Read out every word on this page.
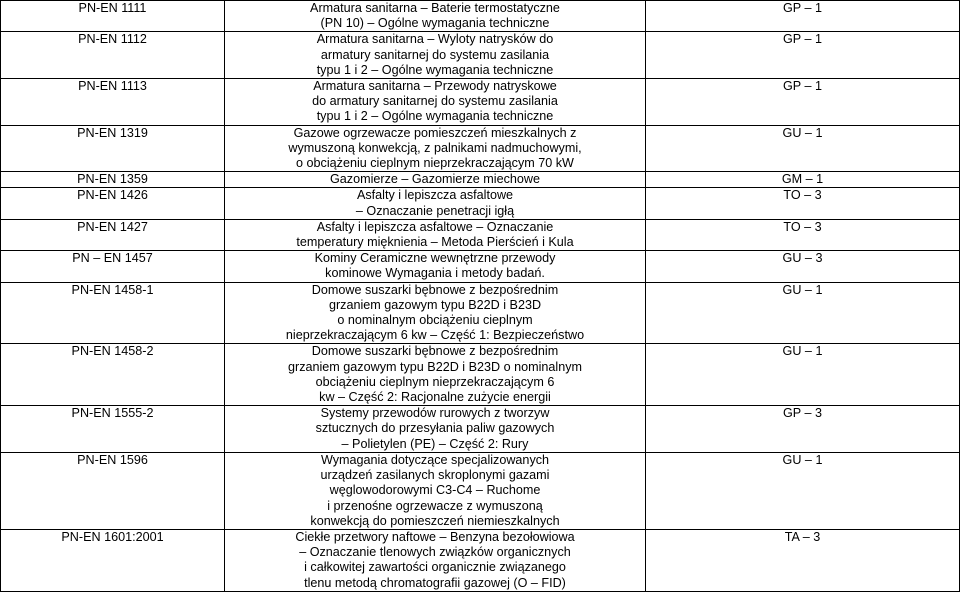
PN-EN 1111	Armatura sanitarna – Baterie termostatyczne
(PN 10) – Ogólne wymagania techniczne	GP – 1
PN-EN 1112	Armatura sanitarna – Wyloty natrysków do
armatury sanitarnej do systemu zasilania
typu 1 i 2 – Ogólne wymagania techniczne	GP – 1
PN-EN 1113	Armatura sanitarna – Przewody natryskowe
do armatury sanitarnej do systemu zasilania
typu 1 i 2 – Ogólne wymagania techniczne	GP – 1
PN-EN 1319	Gazowe ogrzewacze pomieszczeń mieszkalnych z
wymuszoną konwekcją, z palnikami nadmuchowymi,
o obciążeniu cieplnym nieprzekraczającym 70 kW	GU – 1
PN-EN 1359	Gazomierze – Gazomierze miechowe	GM – 1
PN-EN 1426	Asfalty i lepiszcza asfaltowe
– Oznaczanie penetracji igłą	TO – 3
PN-EN 1427	Asfalty i lepiszcza asfaltowe – Oznaczanie
temperatury mięknienia – Metoda Pierścień i Kula	TO – 3
PN – EN 1457	Kominy Ceramiczne wewnętrzne przewody
kominowe Wymagania i metody badań.	GU – 3
PN-EN 1458-1	Domowe suszarki bębnowe z bezpośrednim
grzaniem gazowym typu B22D i B23D
o nominalnym obciążeniu cieplnym
nieprzekraczającym 6 kw – Część 1: Bezpieczeństwo	GU – 1
PN-EN 1458-2	Domowe suszarki bębnowe z bezpośrednim
grzaniem gazowym typu B22D i B23D o nominalnym
obciążeniu cieplnym nieprzekraczającym 6
kw – Część 2: Racjonalne zużycie energii	GU – 1
PN-EN 1555-2	Systemy przewodów rurowych z tworzyw
sztucznych do przesyłania paliw gazowych
– Polietylen (PE) – Część 2: Rury	GP – 3
PN-EN 1596	Wymagania dotyczące specjalizowanych
urządzeń zasilanych skroplonymi gazami
węglowodorowymi C3-C4 – Ruchome
i przenośne ogrzewacze z wymuszoną
konwekcją do pomieszczeń niemieszkalnych	GU – 1
PN-EN 1601:2001	Ciekłe przetwory naftowe – Benzyna bezołowiowa
– Oznaczanie tlenowych związków organicznych
i całkowitej zawartości organicznie związanego
tlenu metodą chromatografii gazowej (O – FID)	TA – 3
